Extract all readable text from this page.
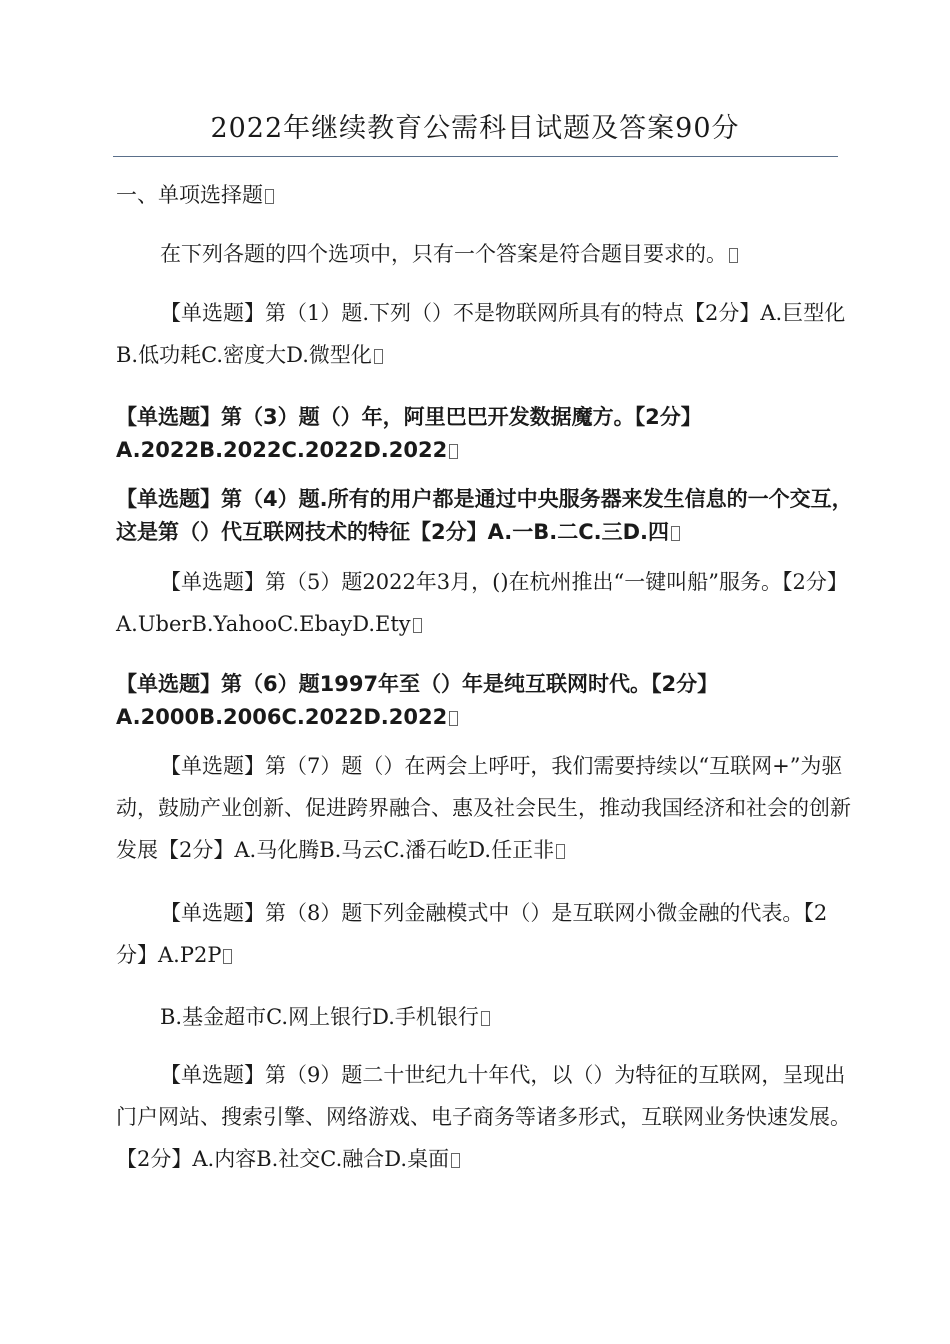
2022年继续教育公需科目试题及答案90分
一、单项选择题
在下列各题的四个选项中，只有一个答案是符合题目要求的。
【单选题】第（1）题.下列（）不是物联网所具有的特点【2分】A.巨型化B.低功耗C.密度大D.微型化
【单选题】第（3）题（）年，阿里巴巴开发数据魔方。【2分】A.2022B.2022C.2022D.2022
【单选题】第（4）题.所有的用户都是通过中央服务器来发生信息的一个交互，这是第（）代互联网技术的特征【2分】A.一B.二C.三D.四
【单选题】第（5）题2022年3月，()在杭州推出“一键叫船”服务。【2分】A.UberB.YahooC.EbayD.Ety
【单选题】第（6）题1997年至（）年是纯互联网时代。【2分】A.2000B.2006C.2022D.2022
【单选题】第（7）题（）在两会上呼吁，我们需要持续以“互联网+”为驱动，鼓励产业创新、促进跨界融合、惠及社会民生，推动我国经济和社会的创新发展【2分】A.马化腾B.马云C.潘石屹D.任正非
【单选题】第（8）题下列金融模式中（）是互联网小微金融的代表。【2分】A.P2P
B.基金超市C.网上银行D.手机银行
【单选题】第（9）题二十世纪九十年代，以（）为特征的互联网，呈现出门户网站、搜索引擎、网络游戏、电子商务等诸多形式，互联网业务快速发展。【2分】A.内容B.社交C.融合D.桌面
